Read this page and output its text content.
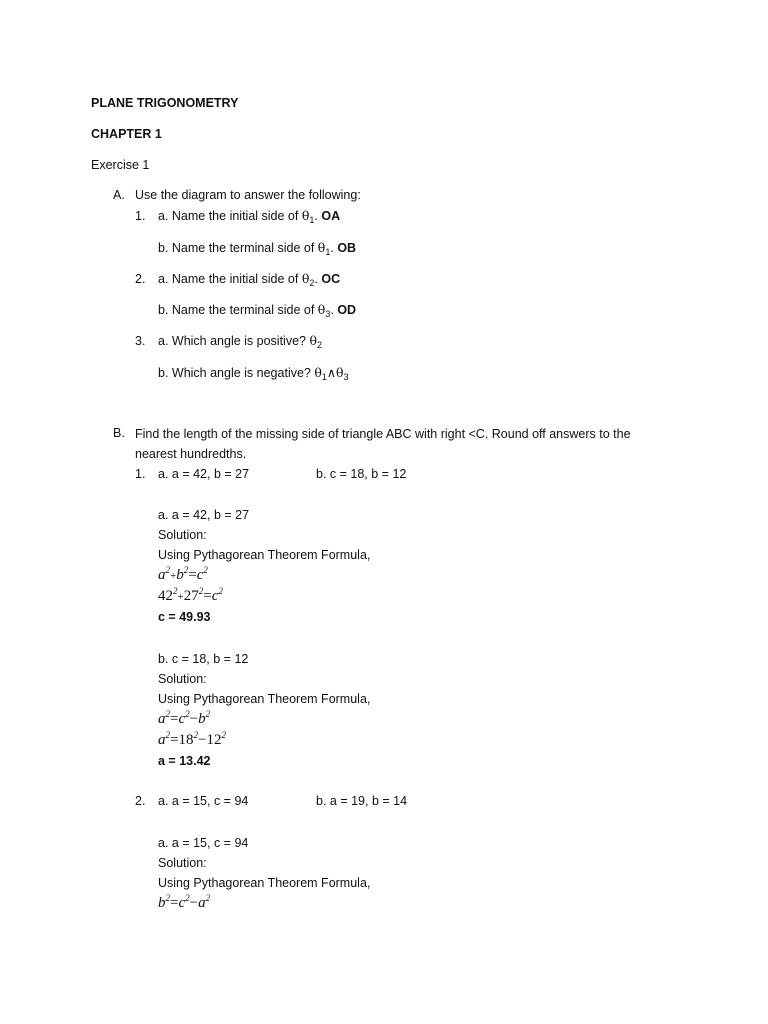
PLANE TRIGONOMETRY
CHAPTER 1
Exercise 1
A. Use the diagram to answer the following:
1. a. Name the initial side of $\theta_1$. OA
b. Name the terminal side of $\theta_1$. OB
2. a. Name the initial side of $\theta_2$. OC
b. Name the terminal side of $\theta_3$. OD
3. a. Which angle is positive? $\theta_2$
b. Which angle is negative? $\theta_1\wedge\theta_3$
B. Find the length of the missing side of triangle ABC with right <C. Round off answers to the nearest hundredths.
1. a. a = 42, b = 27	b. c = 18, b = 12
a. a = 42, b = 27
Solution:
Using Pythagorean Theorem Formula,
$a^2+b^2=c^2$
$42^2+27^2=c^2$
c = 49.93
b. c = 18, b = 12
Solution:
Using Pythagorean Theorem Formula,
$a^2=c^2-b^2$
$a^2=18^2-12^2$
a = 13.42
2. a. a = 15, c = 94	b. a = 19, b = 14
a. a = 15, c = 94
Solution:
Using Pythagorean Theorem Formula,
$b^2=c^2-a^2$
